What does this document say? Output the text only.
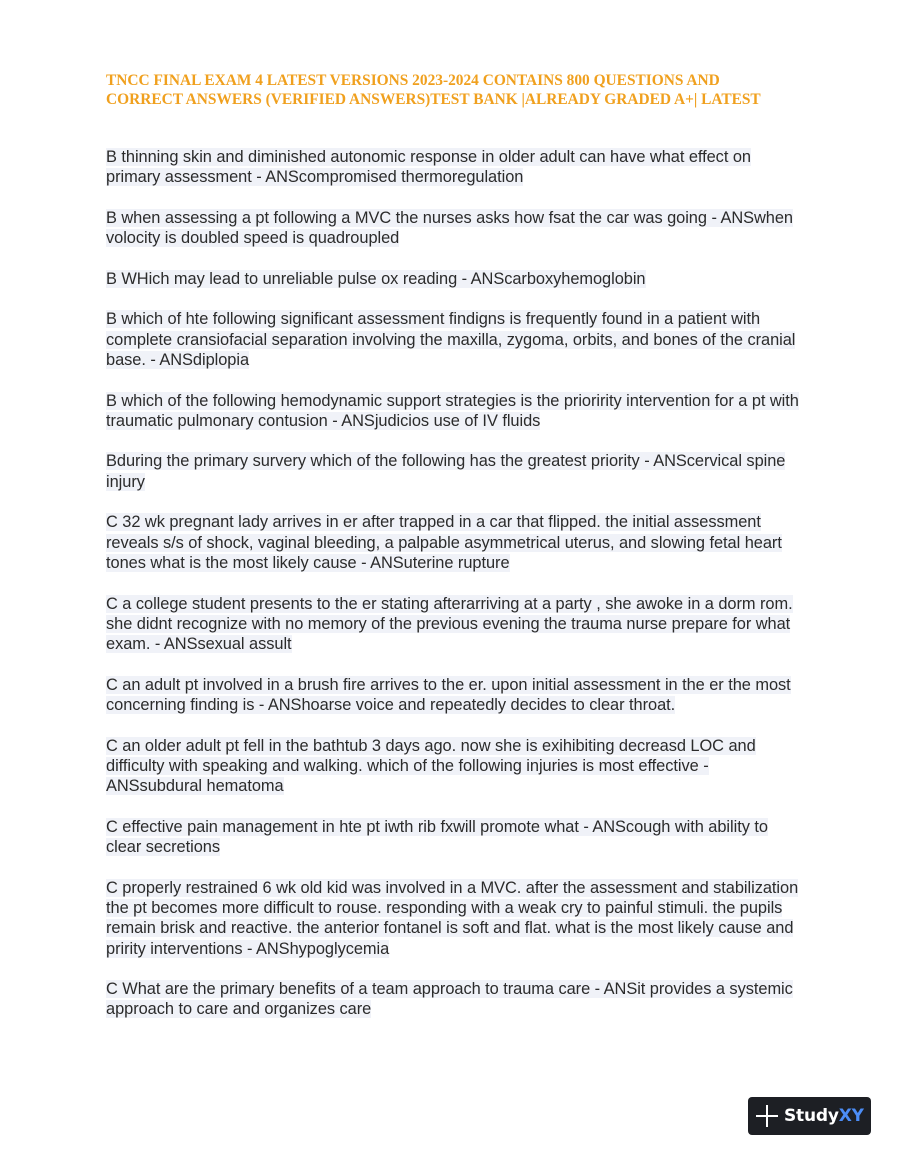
TNCC FINAL EXAM 4 LATEST VERSIONS 2023-2024 CONTAINS 800 QUESTIONS AND CORRECT ANSWERS (VERIFIED ANSWERS)TEST BANK |ALREADY GRADED A+| LATEST

B thinning skin and diminished autonomic response in older adult can have what effect on primary assessment - ANScompromised thermoregulation

B when assessing a pt following a MVC the nurses asks how fsat the car was going - ANSwhen volocity is doubled speed is quadroupled

B WHich may lead to unreliable pulse ox reading - ANScarboxyhemoglobin

B which of hte following significant assessment findigns is frequently found in a patient with complete cransiofacial separation involving the maxilla, zygoma, orbits, and bones of the cranial base. - ANSdiplopia

B which of the following hemodynamic support strategies is the prioririty intervention for a pt with traumatic pulmonary contusion - ANSjudicios use of IV fluids

Bduring the primary survery which of the following has the greatest priority - ANScervical spine injury

C 32 wk pregnant lady arrives in er after trapped in a car that flipped. the initial assessment reveals s/s of shock, vaginal bleeding, a palpable asymmetrical uterus, and slowing fetal heart tones what is the most likely cause - ANSuterine rupture

C a college student presents to the er stating afterarriving at a party , she awoke in a dorm rom. she didnt recognize with no memory of the previous evening the trauma nurse prepare for what exam. - ANSsexual assult

C an adult pt involved in a brush fire arrives to the er. upon initial assessment in the er the most concerning finding is - ANShoarse voice and repeatedly decides to clear throat.

C an older adult pt fell in the bathtub 3 days ago. now she is exihibiting decreasd LOC and difficulty with speaking and walking. which of the following injuries is most effective - ANSsubdural hematoma

C effective pain management in hte pt iwth rib fxwill promote what - ANScough with ability to clear secretions

C properly restrained 6 wk old kid was involved in a MVC. after the assessment and stabilization the pt becomes more difficult to rouse. responding with a weak cry to painful stimuli. the pupils remain brisk and reactive. the anterior fontanel is soft and flat. what is the most likely cause and pririty interventions - ANShypoglycemia

C What are the primary benefits of a team approach to trauma care - ANSit provides a systemic approach to care and organizes care

StudyXY
